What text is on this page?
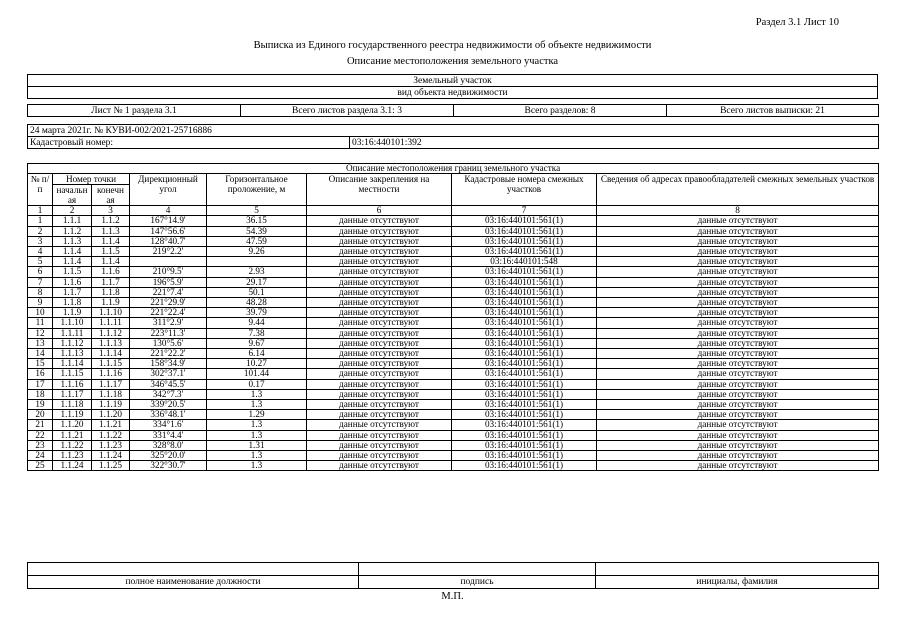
Раздел 3.1 Лист 10
Выписка из Единого государственного реестра недвижимости об объекте недвижимости
Описание местоположения земельного участка
Земельный участок
вид объекта недвижимости
Лист № 1 раздела 3.1	Всего листов раздела 3.1: 3	Всего разделов: 8	Всего листов выписки: 21
24 марта 2021г. № КУВИ-002/2021-25716886
Кадастровый номер:	03:16:440101:392
Описание местоположения границ земельного участка							
№ п/п	Номер точки		Дирекционный угол	Горизонтальное проложение, м	Описание закрепления на местности	Кадастровые номера смежных участков	Сведения об адресах правообладателей смежных земельных участков
	начальн ая	конечн ая					
1	2	3	4	5	6	7	8
1	1.1.1	1.1.2	167°14.9'	36.15	данные отсутствуют	03:16:440101:561(1)	данные отсутствуют
2	1.1.2	1.1.3	147°56.6'	54.39	данные отсутствуют	03:16:440101:561(1)	данные отсутствуют
3	1.1.3	1.1.4	128°40.7'	47.59	данные отсутствуют	03:16:440101:561(1)	данные отсутствуют
4	1.1.4	1.1.5	219°2.2'	9.26	данные отсутствуют	03:16:440101:561(1)	данные отсутствуют
5	1.1.4	1.1.4			данные отсутствуют	03:16:440101:548	данные отсутствуют
6	1.1.5	1.1.6	210°9.5'	2.93	данные отсутствуют	03:16:440101:561(1)	данные отсутствуют
7	1.1.6	1.1.7	196°5.9'	29.17	данные отсутствуют	03:16:440101:561(1)	данные отсутствуют
8	1.1.7	1.1.8	221°7.4'	50.1	данные отсутствуют	03:16:440101:561(1)	данные отсутствуют
9	1.1.8	1.1.9	221°29.9'	48.28	данные отсутствуют	03:16:440101:561(1)	данные отсутствуют
10	1.1.9	1.1.10	221°22.4'	39.79	данные отсутствуют	03:16:440101:561(1)	данные отсутствуют
11	1.1.10	1.1.11	311°2.9'	9.44	данные отсутствуют	03:16:440101:561(1)	данные отсутствуют
12	1.1.11	1.1.12	223°11.3'	7.38	данные отсутствуют	03:16:440101:561(1)	данные отсутствуют
13	1.1.12	1.1.13	130°5.6'	9.67	данные отсутствуют	03:16:440101:561(1)	данные отсутствуют
14	1.1.13	1.1.14	221°22.2'	6.14	данные отсутствуют	03:16:440101:561(1)	данные отсутствуют
15	1.1.14	1.1.15	158°34.9'	10.27	данные отсутствуют	03:16:440101:561(1)	данные отсутствуют
16	1.1.15	1.1.16	302°37.1'	101.44	данные отсутствуют	03:16:440101:561(1)	данные отсутствуют
17	1.1.16	1.1.17	346°45.5'	0.17	данные отсутствуют	03:16:440101:561(1)	данные отсутствуют
18	1.1.17	1.1.18	342°7.3'	1.3	данные отсутствуют	03:16:440101:561(1)	данные отсутствуют
19	1.1.18	1.1.19	339°20.5'	1.3	данные отсутствуют	03:16:440101:561(1)	данные отсутствуют
20	1.1.19	1.1.20	336°48.1'	1.29	данные отсутствуют	03:16:440101:561(1)	данные отсутствуют
21	1.1.20	1.1.21	334°1.6'	1.3	данные отсутствуют	03:16:440101:561(1)	данные отсутствуют
22	1.1.21	1.1.22	331°4.4'	1.3	данные отсутствуют	03:16:440101:561(1)	данные отсутствуют
23	1.1.22	1.1.23	328°8.0'	1.31	данные отсутствуют	03:16:440101:561(1)	данные отсутствуют
24	1.1.23	1.1.24	325°20.0'	1.3	данные отсутствуют	03:16:440101:561(1)	данные отсутствуют
25	1.1.24	1.1.25	322°30.7'	1.3	данные отсутствуют	03:16:440101:561(1)	данные отсутствуют

полное наименование должности	подпись	инициалы, фамилия
М.П.
